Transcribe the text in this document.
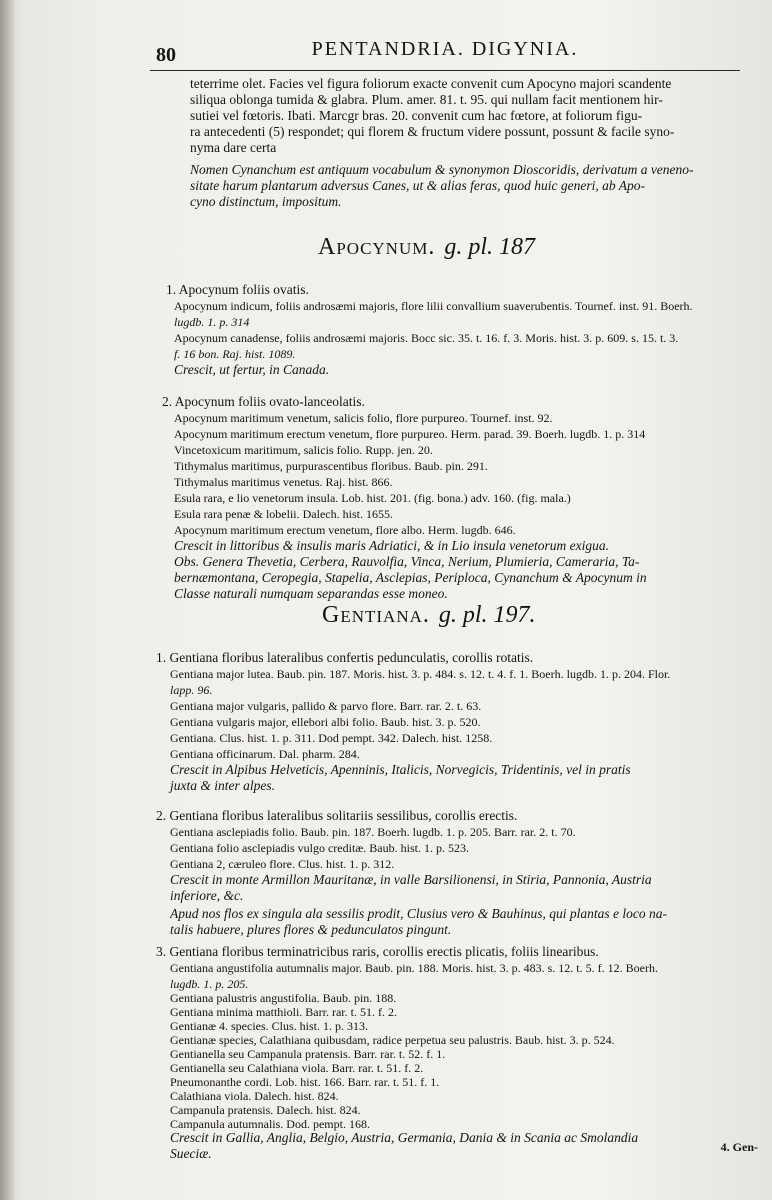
80	PENTANDRIA. DIGYNIA.
teterrime olet. Facies vel figura foliorum exacte convenit cum Apocyno majori scandente
siliqua oblonga tumida & glabra. Plum. amer. 81. t. 95. qui nullam facit mentionem hir-
sutiei vel fœtoris. Ibati. Marcgr bras. 20. convenit cum hac fœtore, at foliorum figu-
ra antecedenti (5) respondet; qui florem & fructum videre possunt, possunt & facile syno-
nyma dare certa
Nomen Cynanchum est antiquum vocabulum & synonymon Dioscoridis, derivatum a veneno-
sitate harum plantarum adversus Canes, ut & alias feras, quod huic generi, ab Apo-
cyno distinctum, impositum.
Apocynum. g. pl. 187
1. Apocynum foliis ovatis.
Apocynum indicum, foliis androsæmi majoris, flore lilii convallium suaverubentis. Tournef. inst. 91. Boerh.
lugdb. 1. p. 314
Apocynum canadense, foliis androsæmi majoris. Bocc sic. 35. t. 16. f. 3. Moris. hist. 3. p. 609. s. 15. t. 3.
f. 16 bon. Raj. hist. 1089.
Crescit, ut fertur, in Canada.
2. Apocynum foliis ovato-lanceolatis.
Apocynum maritimum venetum, salicis folio, flore purpureo. Tournef. inst. 92.
Apocynum maritimum erectum venetum, flore purpureo. Herm. parad. 39. Boerh. lugdb. 1. p. 314
Vincetoxicum maritimum, salicis folio. Rupp. jen. 20.
Tithymalus maritimus, purpurascentibus floribus. Baub. pin. 291.
Tithymalus maritimus venetus. Raj. hist. 866.
Esula rara, e lio venetorum insula. Lob. hist. 201. (fig. bona.) adv. 160. (fig. mala.)
Esula rara penæ & lobelii. Dalech. hist. 1655.
Apocynum maritimum erectum venetum, flore albo. Herm. lugdb. 646.
Crescit in littoribus & insulis maris Adriatici, & in Lio insula venetorum exigua.
Obs. Genera Thevetia, Cerbera, Rauvolfia, Vinca, Nerium, Plumieria, Cameraria, Ta-
bernæmontana, Ceropegia, Stapelia, Asclepias, Periploca, Cynanchum & Apocynum in
Classe naturali numquam separandas esse moneo.
Gentiana. g. pl. 197.
1. Gentiana floribus lateralibus confertis pedunculatis, corollis rotatis.
Gentiana major lutea. Baub. pin. 187. Moris. hist. 3. p. 484. s. 12. t. 4. f. 1. Boerh. lugdb. 1. p. 204. Flor.
lapp. 96.
Gentiana major vulgaris, pallido & parvo flore. Barr. rar. 2. t. 63.
Gentiana vulgaris major, ellebori albi folio. Baub. hist. 3. p. 520.
Gentiana. Clus. hist. 1. p. 311. Dod pempt. 342. Dalech. hist. 1258.
Gentiana officinarum. Dal. pharm. 284.
Crescit in Alpibus Helveticis, Apenninis, Italicis, Norvegicis, Tridentinis, vel in pratis
juxta & inter alpes.
2. Gentiana floribus lateralibus solitariis sessilibus, corollis erectis.
Gentiana asclepiadis folio. Baub. pin. 187. Boerh. lugdb. 1. p. 205. Barr. rar. 2. t. 70.
Gentiana folio asclepiadis vulgo creditæ. Baub. hist. 1. p. 523.
Gentiana 2, cæruleo flore. Clus. hist. 1. p. 312.
Crescit in monte Armillon Mauritanæ, in valle Barsilionensi, in Stiria, Pannonia, Austria
inferiore, &c.
Apud nos flos ex singula ala sessilis prodit, Clusius vero & Bauhinus, qui plantas e loco na-
talis habuere, plures flores & pedunculatos pingunt.
3. Gentiana floribus terminatricibus raris, corollis erectis plicatis, foliis linearibus.
Gentiana angustifolia autumnalis major. Baub. pin. 188. Moris. hist. 3. p. 483. s. 12. t. 5. f. 12. Boerh.
lugdb. 1. p. 205.
Gentiana palustris angustifolia. Baub. pin. 188.
Gentiana minima matthioli. Barr. rar. t. 51. f. 2.
Gentianæ 4. species. Clus. hist. 1. p. 313.
Gentianæ species, Calathiana quibusdam, radice perpetua seu palustris. Baub. hist. 3. p. 524.
Gentianella seu Campanula pratensis. Barr. rar. t. 52. f. 1.
Gentianella seu Calathiana viola. Barr. rar. t. 51. f. 2.
Pneumonanthe cordi. Lob. hist. 166. Barr. rar. t. 51. f. 1.
Calathiana viola. Dalech. hist. 824.
Campanula pratensis. Dalech. hist. 824.
Campanula autumnalis. Dod. pempt. 168.
Crescit in Gallia, Anglia, Belgio, Austria, Germania, Dania & in Scania ac Smolandia
Sueciæ.	4. Gen-
